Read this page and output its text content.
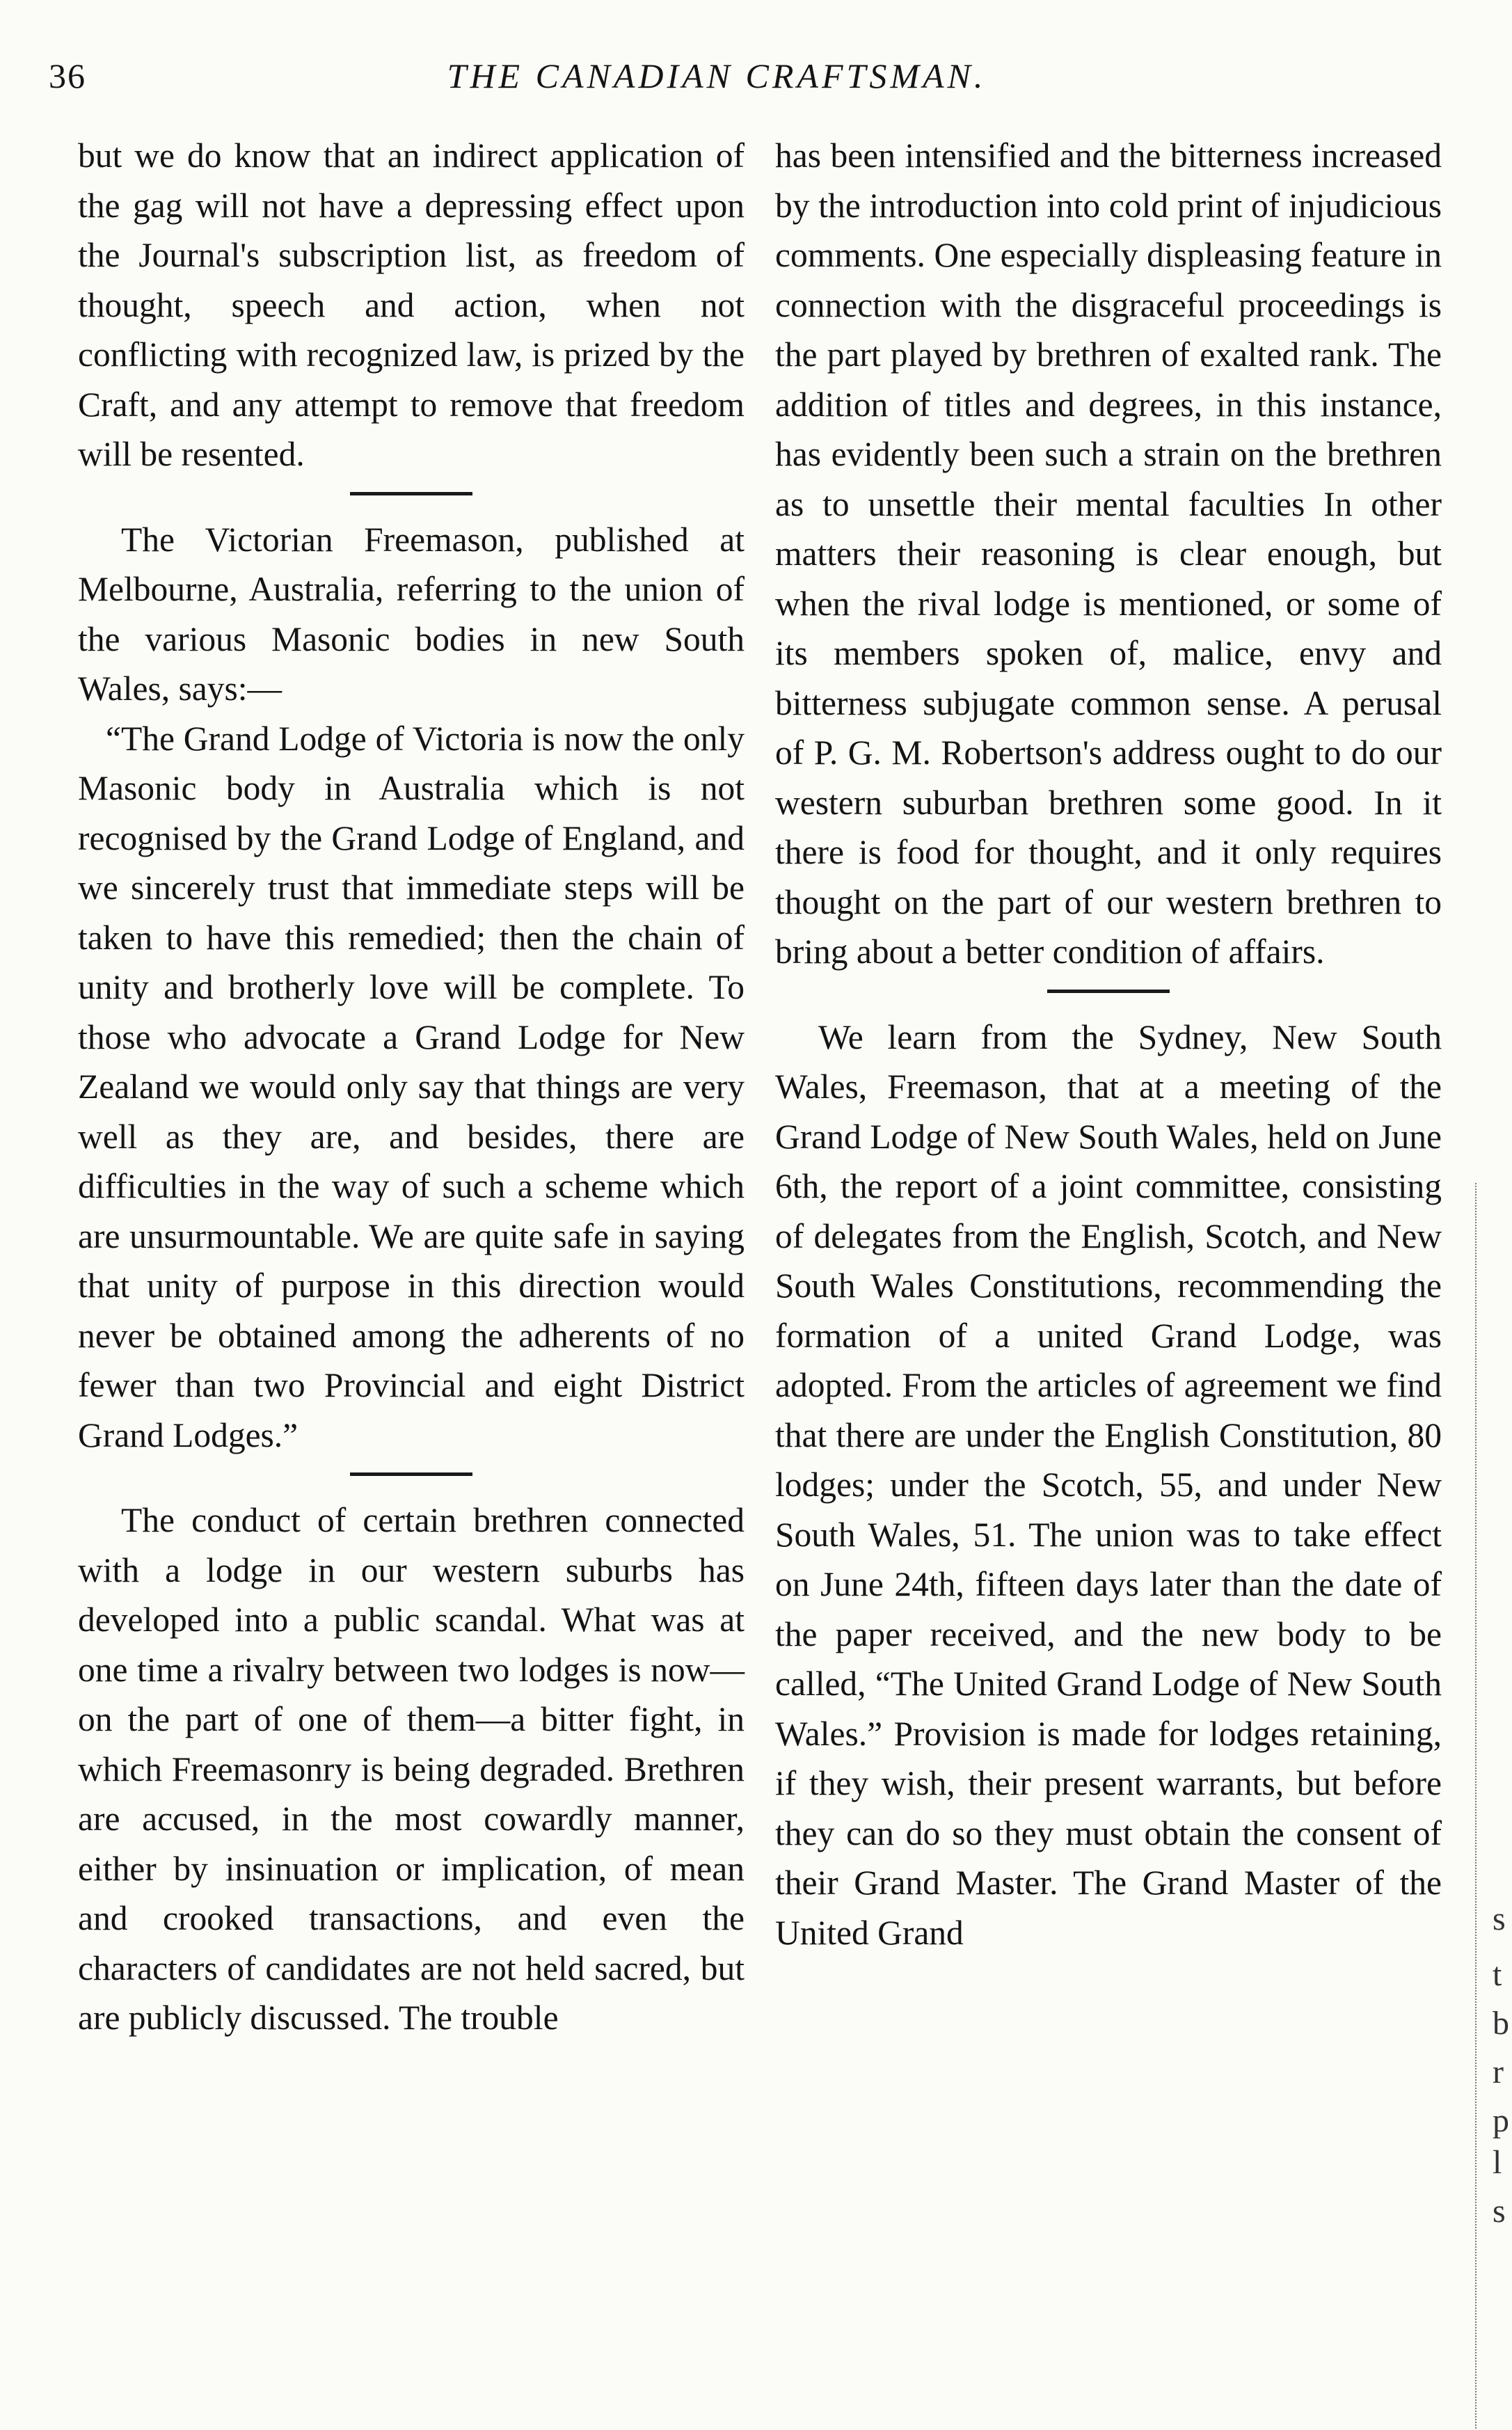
36	THE CANADIAN CRAFTSMAN.

but we do know that an indirect application of the gag will not have a depressing effect upon the Journal's subscription list, as freedom of thought, speech and action, when not conflicting with recognized law, is prized by the Craft, and any attempt to remove that freedom will be resented.

The Victorian Freemason, published at Melbourne, Australia, referring to the union of the various Masonic bodies in new South Wales, says:—

“The Grand Lodge of Victoria is now the only Masonic body in Australia which is not recognised by the Grand Lodge of England, and we sincerely trust that immediate steps will be taken to have this remedied; then the chain of unity and brotherly love will be complete. To those who advocate a Grand Lodge for New Zealand we would only say that things are very well as they are, and besides, there are difficulties in the way of such a scheme which are unsurmountable. We are quite safe in saying that unity of purpose in this direction would never be obtained among the adherents of no fewer than two Provincial and eight District Grand Lodges.”

The conduct of certain brethren connected with a lodge in our western suburbs has developed into a public scandal. What was at one time a rivalry between two lodges is now—on the part of one of them—a bitter fight, in which Freemasonry is being degraded. Brethren are accused, in the most cowardly manner, either by insinuation or implication, of mean and crooked transactions, and even the characters of candidates are not held sacred, but are publicly discussed. The trouble

has been intensified and the bitterness increased by the introduction into cold print of injudicious comments. One especially displeasing feature in connection with the disgraceful proceedings is the part played by brethren of exalted rank. The addition of titles and degrees, in this instance, has evidently been such a strain on the brethren as to unsettle their mental faculties In other matters their reasoning is clear enough, but when the rival lodge is mentioned, or some of its members spoken of, malice, envy and bitterness subjugate common sense. A perusal of P. G. M. Robertson's address ought to do our western suburban brethren some good. In it there is food for thought, and it only requires thought on the part of our western brethren to bring about a better condition of affairs.

We learn from the Sydney, New South Wales, Freemason, that at a meeting of the Grand Lodge of New South Wales, held on June 6th, the report of a joint committee, consisting of delegates from the English, Scotch, and New South Wales Constitutions, recommending the formation of a united Grand Lodge, was adopted. From the articles of agreement we find that there are under the English Constitution, 80 lodges; under the Scotch, 55, and under New South Wales, 51. The union was to take effect on June 24th, fifteen days later than the date of the paper received, and the new body to be called, “The United Grand Lodge of New South Wales.” Provision is made for lodges retaining, if they wish, their present warrants, but before they can do so they must obtain the consent of their Grand Master. The Grand Master of the United Grand	s
t
b
r
p
l
s
